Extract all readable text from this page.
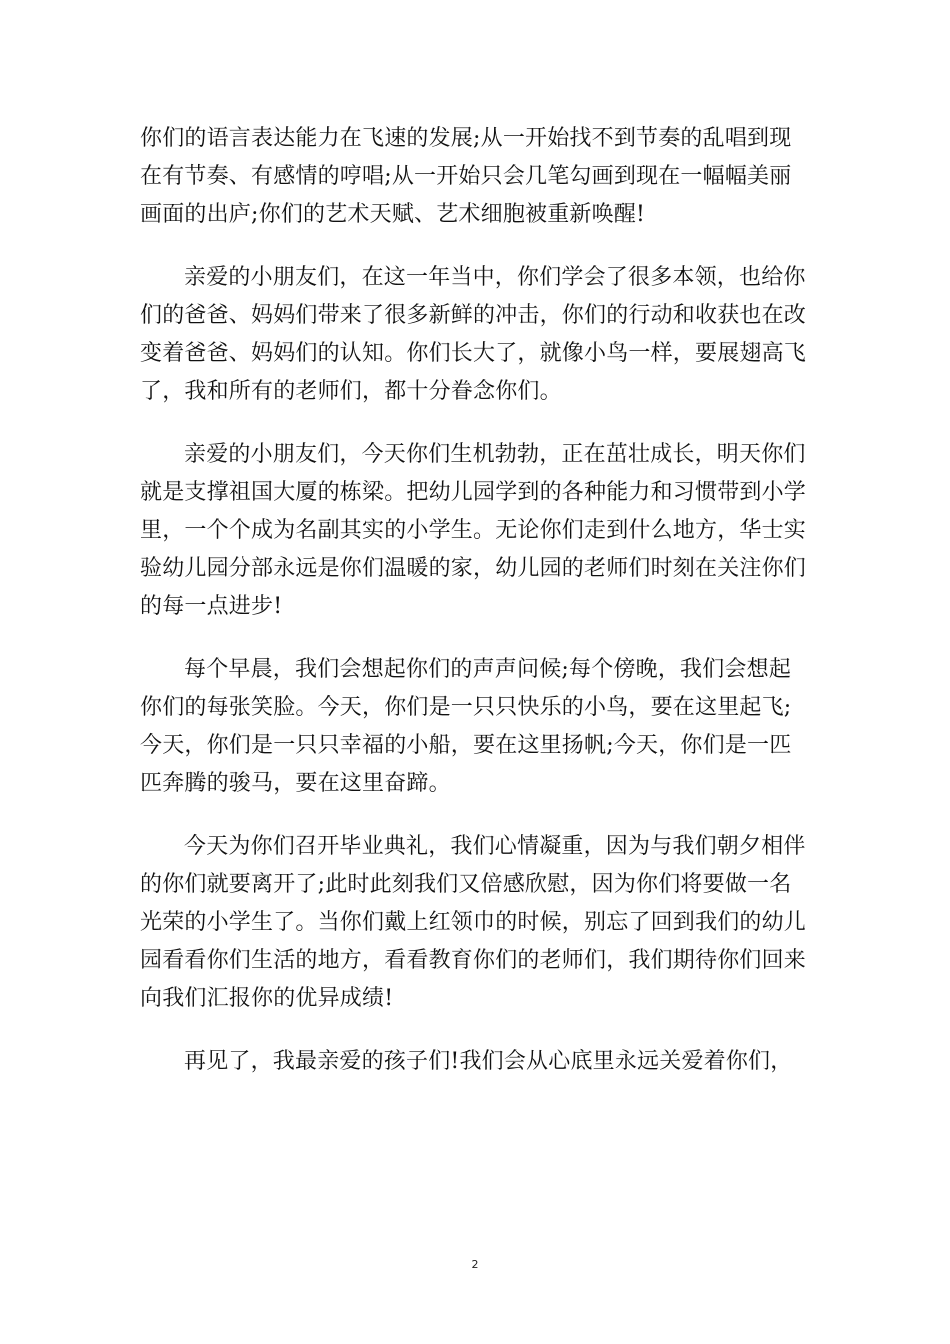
你们的语言表达能力在飞速的发展;从一开始找不到节奏的乱唱到现
在有节奏、有感情的哼唱;从一开始只会几笔勾画到现在一幅幅美丽
画面的出庐;你们的艺术天赋、艺术细胞被重新唤醒!
亲爱的小朋友们，在这一年当中，你们学会了很多本领，也给你
们的爸爸、妈妈们带来了很多新鲜的冲击，你们的行动和收获也在改
变着爸爸、妈妈们的认知。你们长大了，就像小鸟一样，要展翅高飞
了，我和所有的老师们，都十分眷念你们。
亲爱的小朋友们，今天你们生机勃勃，正在茁壮成长，明天你们
就是支撑祖国大厦的栋梁。把幼儿园学到的各种能力和习惯带到小学
里，一个个成为名副其实的小学生。无论你们走到什么地方，华士实
验幼儿园分部永远是你们温暖的家，幼儿园的老师们时刻在关注你们
的每一点进步!
每个早晨，我们会想起你们的声声问候;每个傍晚，我们会想起
你们的每张笑脸。今天，你们是一只只快乐的小鸟，要在这里起飞;
今天，你们是一只只幸福的小船，要在这里扬帆;今天，你们是一匹
匹奔腾的骏马，要在这里奋蹄。
今天为你们召开毕业典礼，我们心情凝重，因为与我们朝夕相伴
的你们就要离开了;此时此刻我们又倍感欣慰，因为你们将要做一名
光荣的小学生了。当你们戴上红领巾的时候，别忘了回到我们的幼儿
园看看你们生活的地方，看看教育你们的老师们，我们期待你们回来
向我们汇报你的优异成绩!
再见了，我最亲爱的孩子们!我们会从心底里永远关爱着你们，
2
